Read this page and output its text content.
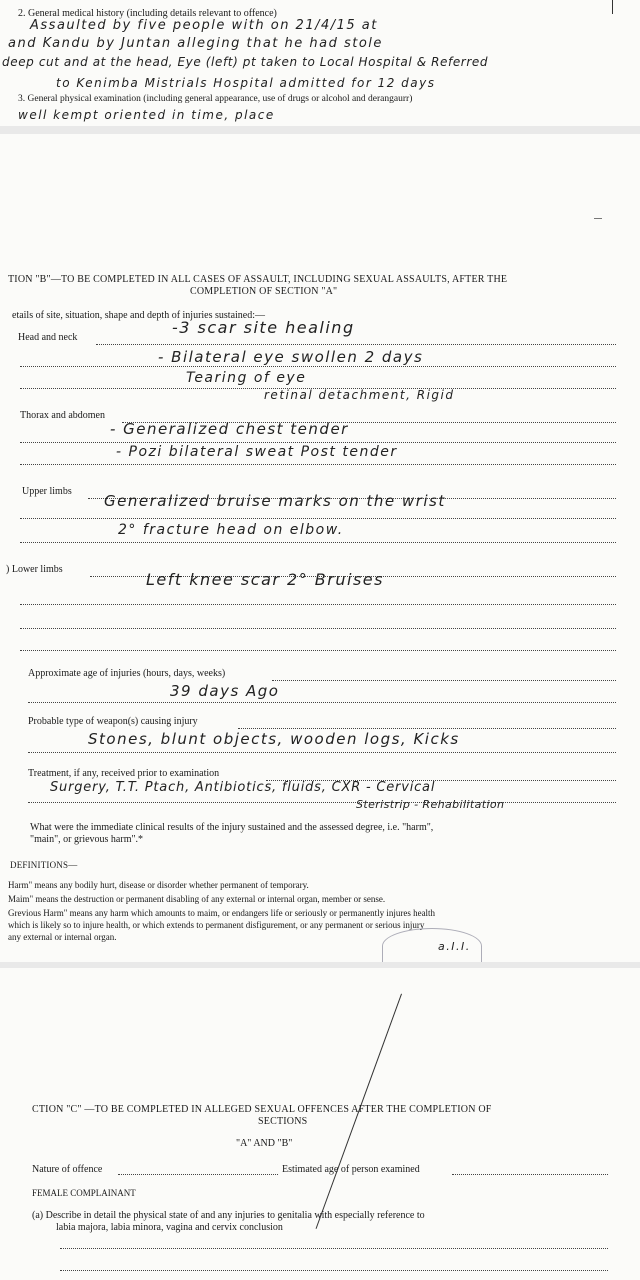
2. General medical history (including details relevant to offence)
Assaulted by five people with on 21/4/15 at
and Kandu by Juntan alleging that he had stole
deep cut and at the head, Eye (left) pt taken to Local Hospital & Referred
to Kenimba Mistrials Hospital admitted for 12 days
3. General physical examination (including general appearance, use of drugs or alcohol and derangaurr)
well kempt oriented in time, place
TION "B"—TO BE COMPLETED IN ALL CASES OF ASSAULT, INCLUDING SEXUAL ASSAULTS, AFTER THE
COMPLETION OF SECTION "A"
etails of site, situation, shape and depth of injuries sustained:—
Head and neck
-3 scar site healing
- Bilateral eye swollen 2 days
Tearing of eye
retinal detachment, Rigid
Thorax and abdomen
- Generalized chest tender
- Pozi bilateral sweat Post tender
Upper limbs
Generalized bruise marks on the wrist
2° fracture head on elbow.
) Lower limbs
Left knee scar 2° Bruises
Approximate age of injuries (hours, days, weeks)
39 days Ago
Probable type of weapon(s) causing injury
Stones, blunt objects, wooden logs, Kicks
Treatment, if any, received prior to examination
Surgery, T.T. Ptach, Antibiotics, fluids, CXR - Cervical
Steristrip - Rehabilitation
What were the immediate clinical results of the injury sustained and the assessed degree, i.e. "harm",
"main", or grievous harm".*
DEFINITIONS—
Harm" means any bodily hurt, disease or disorder whether permanent of temporary.
Maim" means the destruction or permanent disabling of any external or internal organ, member or sense.
Grevious Harm" means any harm which amounts to maim, or endangers life or seriously or permanently injures health
which is likely so to injure health, or which extends to permanent disfigurement, or any permanent or serious injury
any external or internal organ.
a.I.I.
CTION "C" —TO BE COMPLETED IN ALLEGED SEXUAL OFFENCES AFTER THE COMPLETION OF
SECTIONS
"A" AND "B"
Nature of offence	Estimated age of person examined
FEMALE COMPLAINANT
(a) Describe in detail the physical state of and any injuries to genitalia with especially reference to
labia majora, labia minora, vagina and cervix conclusion
